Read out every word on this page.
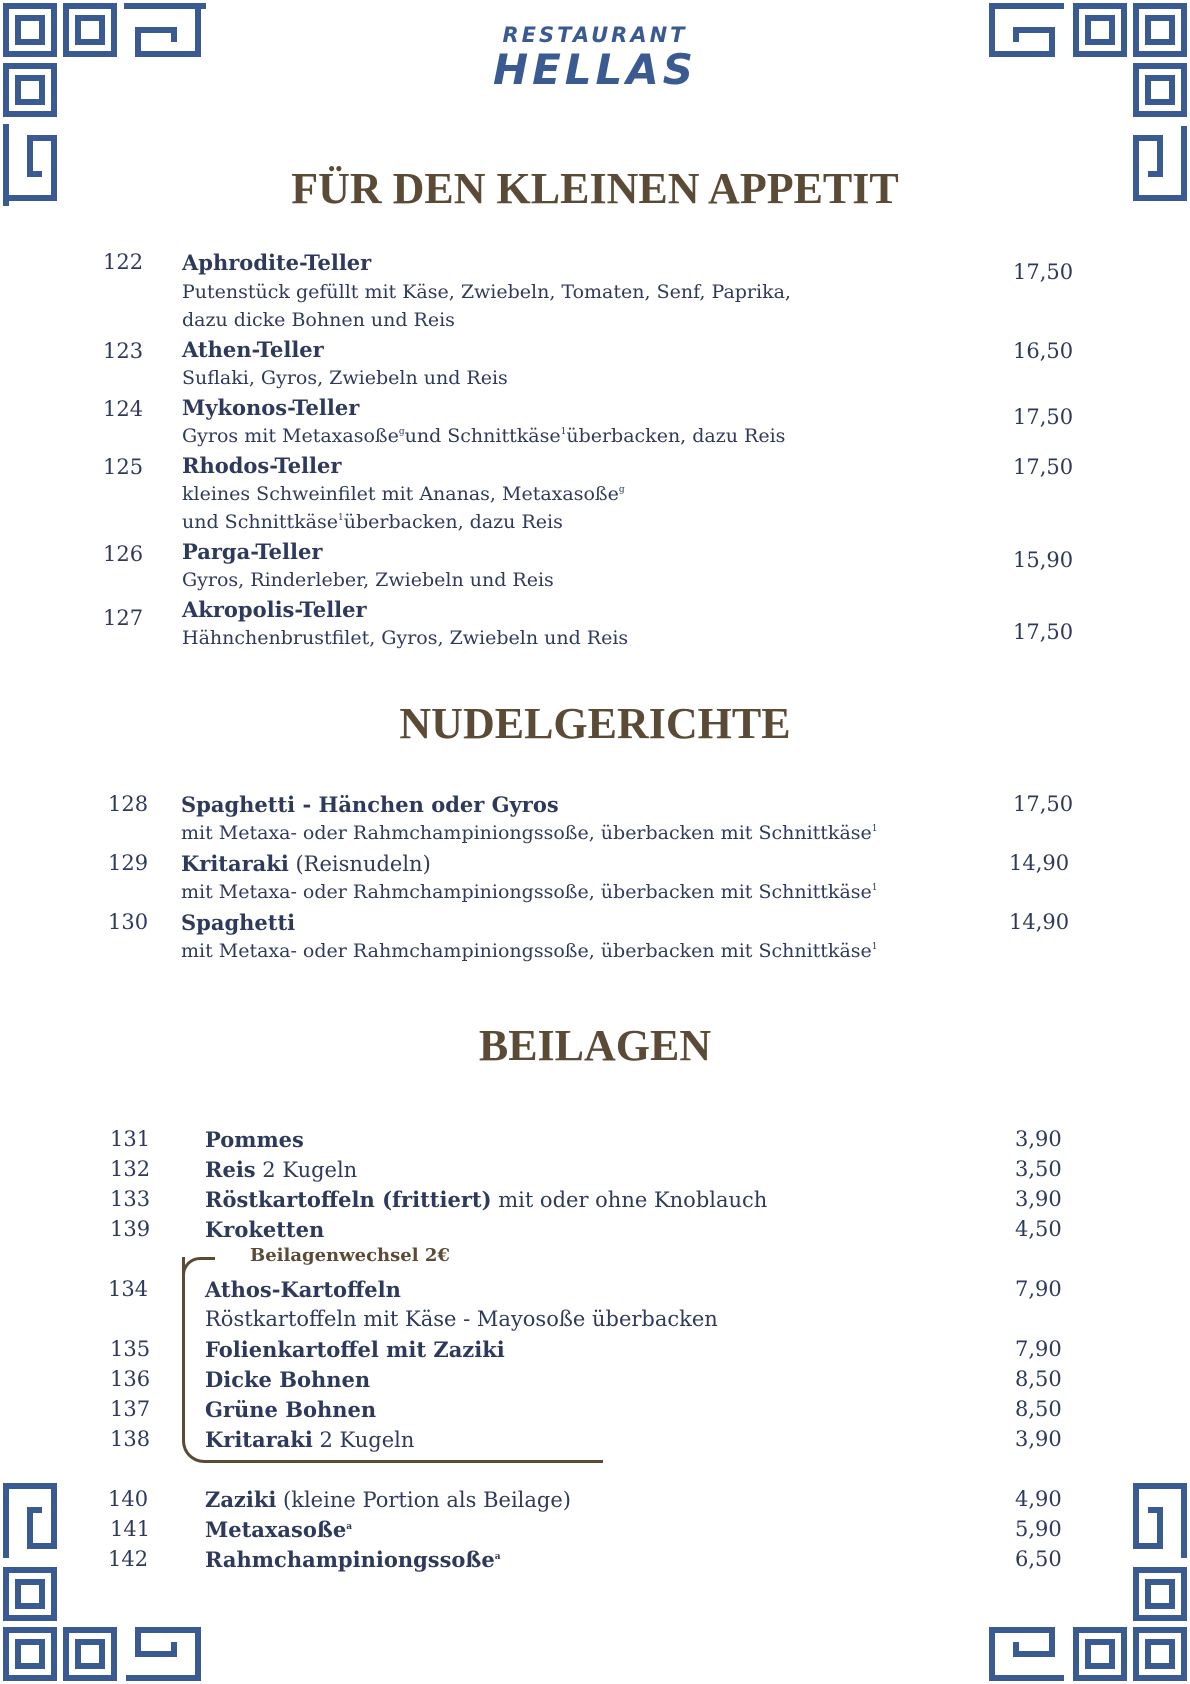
RESTAURANT
HELLAS
FÜR DEN KLEINEN APPETIT
122 Aphrodite-Teller
Putenstück gefüllt mit Käse, Zwiebeln, Tomaten, Senf, Paprika,
dazu dicke Bohnen und Reis
17,50
123 Athen-Teller
Suflaki, Gyros, Zwiebeln und Reis
16,50
124 Mykonos-Teller
Gyros mit Metaxasoße$^g$und Schnittkäse$^1$überbacken, dazu Reis
17,50
125 Rhodos-Teller
kleines Schweinfilet mit Ananas, Metaxasoße$^g$
und Schnittkäse$^1$überbacken, dazu Reis
17,50
126 Parga-Teller
Gyros, Rinderleber, Zwiebeln und Reis
15,90
127 Akropolis-Teller
Hähnchenbrustfilet, Gyros, Zwiebeln und Reis	17,50
NUDELGERICHTE
128 Spaghetti - Hänchen oder Gyros
mit Metaxa- oder Rahmchampiniongssoße, überbacken mit Schnittkäse$^1$
17,50
129 Kritaraki (Reisnudeln)
mit Metaxa- oder Rahmchampiniongssoße, überbacken mit Schnittkäse$^1$
14,90
130 Spaghetti
mit Metaxa- oder Rahmchampiniongssoße, überbacken mit Schnittkäse$^1$
14,90
BEILAGEN
131	Pommes	3,90
132	Reis 2 Kugeln	3,50
133	Röstkartoffeln (frittiert) mit oder ohne Knoblauch	3,90
139	Kroketten	4,50
Beilagenwechsel 2€
134	Athos-Kartoffeln
Röstkartoffeln mit Käse - Mayosoße überbacken
7,90
135	Folienkartoffel mit Zaziki	7,90
136	Dicke Bohnen	8,50
137	Grüne Bohnen	8,50
138	Kritaraki 2 Kugeln	3,90
140	Zaziki (kleine Portion als Beilage)	4,90
141	Metaxasoße$^a$	5,90
142	Rahmchampiniongssoße$^a$	6,50
